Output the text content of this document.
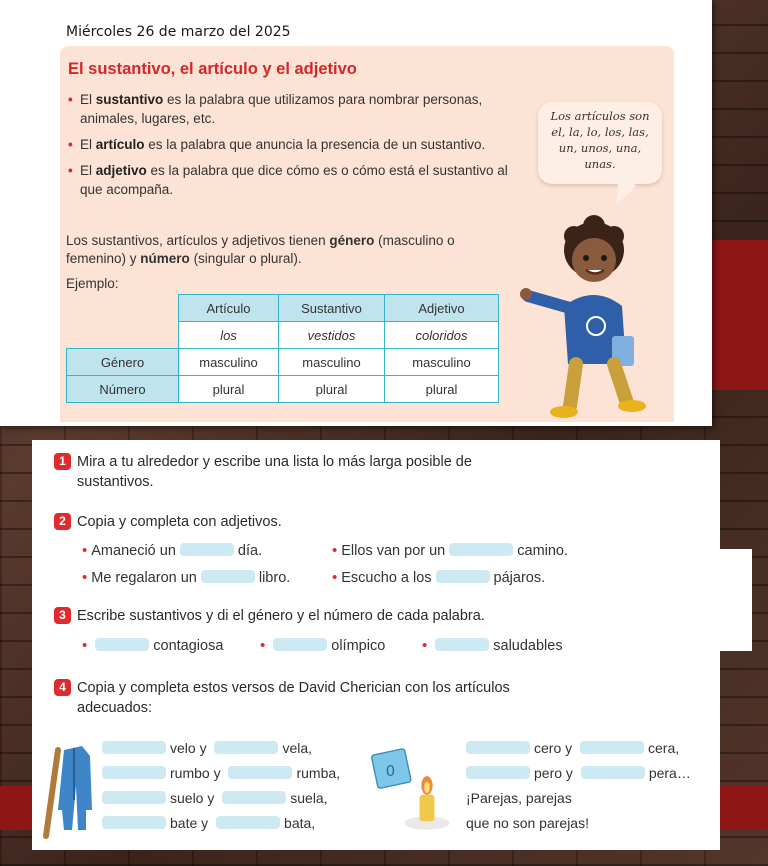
Miércoles 26 de marzo del 2025
El sustantivo, el artículo y el adjetivo
• El sustantivo es la palabra que utilizamos para nombrar personas, animales, lugares, etc.
• El artículo es la palabra que anuncia la presencia de un sustantivo.
• El adjetivo es la palabra que dice cómo es o cómo está el sustantivo al que acompaña.
Los sustantivos, artículos y adjetivos tienen género (masculino o femenino) y número (singular o plural).
Ejemplo:
	Artículo	Sustantivo	Adjetivo
	los	vestidos	coloridos
Género	masculino	masculino	masculino
Número	plural	plural	plural
Los artículos son el, la, lo, los, las, un, unos, una, unas.
1 Mira a tu alrededor y escribe una lista lo más larga posible de sustantivos.
2 Copia y completa con adjetivos.
• Amaneció un	día.	• Ellos van por un	camino.
• Me regalaron un	libro.	• Escucho a los	pájaros.
3 Escribe sustantivos y di el género y el número de cada palabra.
•	contagiosa •	olímpico •	saludables
4 Copia y completa estos versos de David Cherician con los artículos adecuados:
velo y	vela,
rumbo y	rumba,
suelo y	suela,
bate y	bata,
0
cero y	cera,
pero y	pera…
¡Parejas, parejas
que no son parejas!
